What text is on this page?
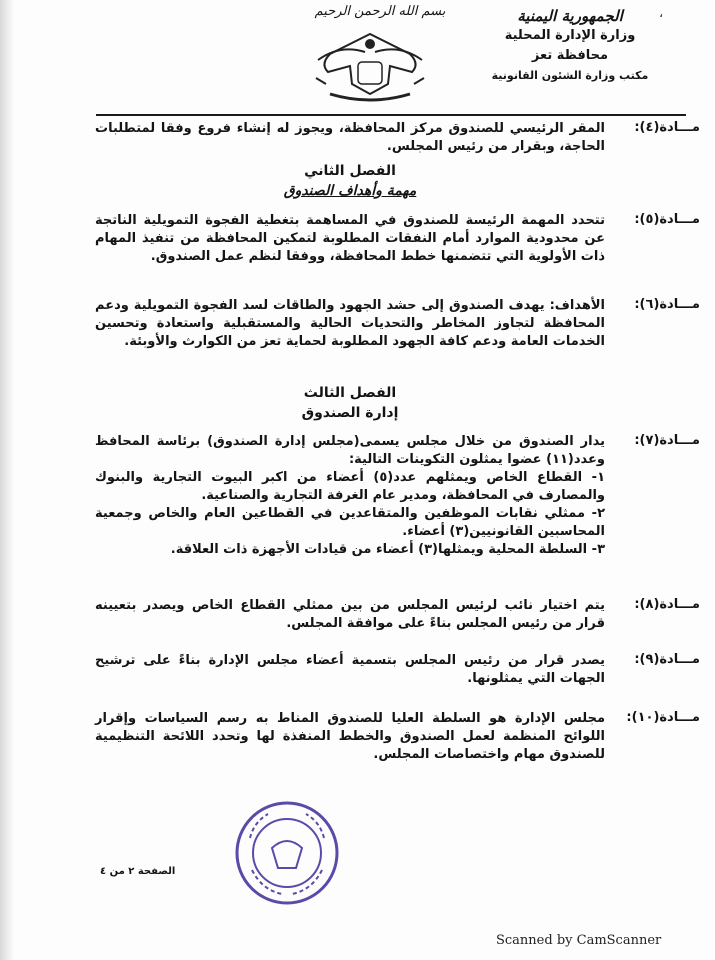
،
الجمهورية اليمنية
وزارة الإدارة المحلية
محافظة تعز
مكتب وزارة الشئون القانونية
بسم الله الرحمن الرحيم
مـــادة(٤):
المقر الرئيسي للصندوق مركز المحافظة، ويجوز له إنشاء فروع وفقا لمتطلبات الحاجة، وبقرار من رئيس المجلس.
الفصل الثاني
مهمة وأهداف الصندوق
مـــادة(٥):
تتحدد المهمة الرئيسة للصندوق في المساهمة بتغطية الفجوة التمويلية الناتجة عن محدودية الموارد أمام النفقات المطلوبة لتمكين المحافظة من تنفيذ المهام ذات الأولوية التي تتضمنها خطط المحافظة، ووفقا لنظم عمل الصندوق.
مـــادة(٦):
الأهداف: يهدف الصندوق إلى حشد الجهود والطاقات لسد الفجوة التمويلية ودعم المحافظة لتجاوز المخاطر والتحديات الحالية والمستقبلية واستعادة وتحسين الخدمات العامة ودعم كافة الجهود المطلوبة لحماية تعز من الكوارث والأوبئة.
الفصل الثالث
إدارة الصندوق
مـــادة(٧):
يدار الصندوق من خلال مجلس يسمى(مجلس إدارة الصندوق) برئاسة المحافظ وعدد(١١) عضوا يمثلون التكوينات التالية:
١- القطاع الخاص ويمثلهم عدد(٥) أعضاء من اكبر البيوت التجارية والبنوك والمصارف في المحافظة، ومدير عام الغرفة التجارية والصناعية.
٢- ممثلي نقابات الموظفين والمتقاعدين في القطاعين العام والخاص وجمعية المحاسبين القانونيين(٣) أعضاء.
٣- السلطة المحلية ويمثلها(٣) أعضاء من قيادات الأجهزة ذات العلاقة.
مـــادة(٨):
يتم اختيار نائب لرئيس المجلس من بين ممثلي القطاع الخاص ويصدر بتعيينه قرار من رئيس المجلس بناءً على موافقة المجلس.
مـــادة(٩):
يصدر قرار من رئيس المجلس بتسمية أعضاء مجلس الإدارة بناءً على ترشيح الجهات التي يمثلونها.
مـــادة(١٠):
مجلس الإدارة هو السلطة العليا للصندوق المناط به رسم السياسات وإقرار اللوائح المنظمة لعمل الصندوق والخطط المنفذة لها وتحدد اللائحة التنظيمية للصندوق مهام واختصاصات المجلس.
الصفحة ٢ من ٤
Scanned by CamScanner
